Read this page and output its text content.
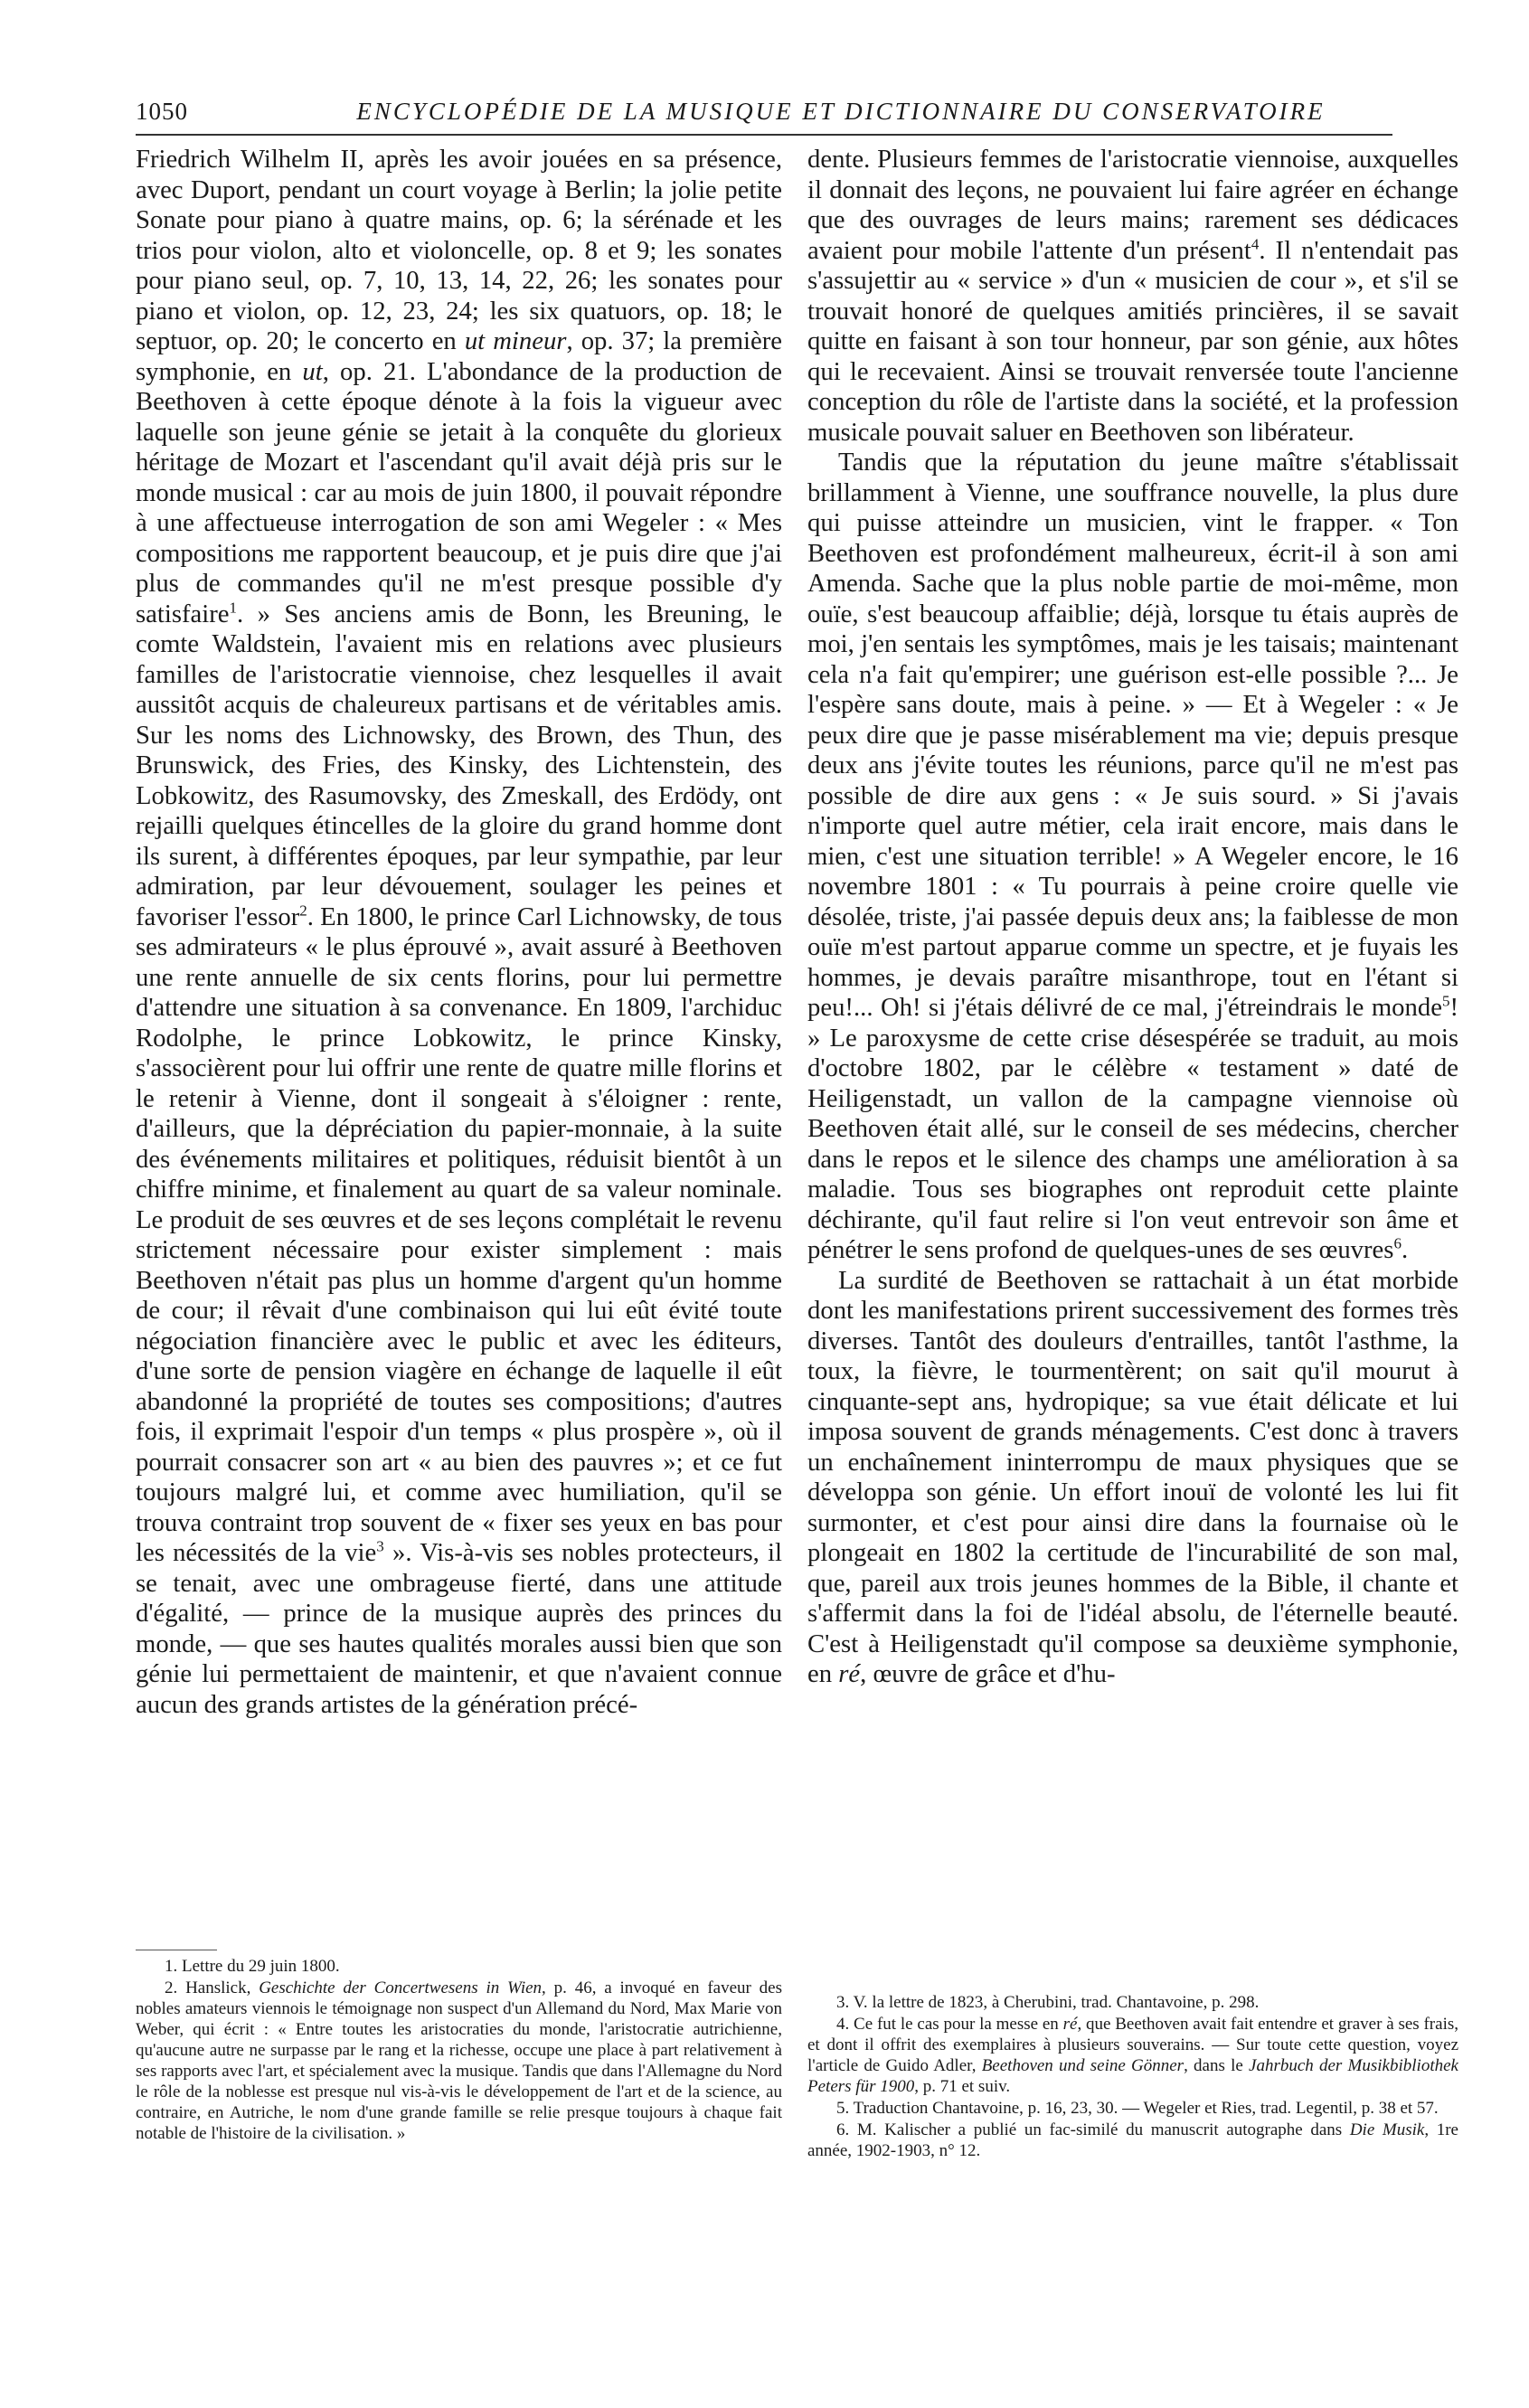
1050	ENCYCLOPÉDIE DE LA MUSIQUE ET DICTIONNAIRE DU CONSERVATOIRE

Friedrich Wilhelm II, après les avoir jouées en sa présence, avec Duport, pendant un court voyage à Berlin; la jolie petite Sonate pour piano à quatre mains, op. 6; la sérénade et les trios pour violon, alto et violoncelle, op. 8 et 9; les sonates pour piano seul, op. 7, 10, 13, 14, 22, 26; les sonates pour piano et violon, op. 12, 23, 24; les six quatuors, op. 18; le septuor, op. 20; le concerto en ut mineur, op. 37; la première symphonie, en ut, op. 21. L'abondance de la production de Beethoven à cette époque dénote à la fois la vigueur avec laquelle son jeune génie se jetait à la conquête du glorieux héritage de Mozart et l'ascendant qu'il avait déjà pris sur le monde musical : car au mois de juin 1800, il pouvait répondre à une affectueuse interrogation de son ami Wegeler : « Mes compositions me rapportent beaucoup, et je puis dire que j'ai plus de commandes qu'il ne m'est presque possible d'y satisfaire$^1$. » Ses anciens amis de Bonn, les Breuning, le comte Waldstein, l'avaient mis en relations avec plusieurs familles de l'aristocratie viennoise, chez lesquelles il avait aussitôt acquis de chaleureux partisans et de véritables amis. Sur les noms des Lichnowsky, des Brown, des Thun, des Brunswick, des Fries, des Kinsky, des Lichtenstein, des Lobkowitz, des Rasumovsky, des Zmeskall, des Erdödy, ont rejailli quelques étincelles de la gloire du grand homme dont ils surent, à différentes époques, par leur sympathie, par leur admiration, par leur dévouement, soulager les peines et favoriser l'essor$^2$. En 1800, le prince Carl Lichnowsky, de tous ses admirateurs « le plus éprouvé », avait assuré à Beethoven une rente annuelle de six cents florins, pour lui permettre d'attendre une situation à sa convenance. En 1809, l'archiduc Rodolphe, le prince Lobkowitz, le prince Kinsky, s'associèrent pour lui offrir une rente de quatre mille florins et le retenir à Vienne, dont il songeait à s'éloigner : rente, d'ailleurs, que la dépréciation du papier-monnaie, à la suite des événements militaires et politiques, réduisit bientôt à un chiffre minime, et finalement au quart de sa valeur nominale. Le produit de ses œuvres et de ses leçons complétait le revenu strictement nécessaire pour exister simplement : mais Beethoven n'était pas plus un homme d'argent qu'un homme de cour; il rêvait d'une combinaison qui lui eût évité toute négociation financière avec le public et avec les éditeurs, d'une sorte de pension viagère en échange de laquelle il eût abandonné la propriété de toutes ses compositions; d'autres fois, il exprimait l'espoir d'un temps « plus prospère », où il pourrait consacrer son art « au bien des pauvres »; et ce fut toujours malgré lui, et comme avec humiliation, qu'il se trouva contraint trop souvent de « fixer ses yeux en bas pour les nécessités de la vie$^3$ ». Vis-à-vis ses nobles protecteurs, il se tenait, avec une ombrageuse fierté, dans une attitude d'égalité, — prince de la musique auprès des princes du monde, — que ses hautes qualités morales aussi bien que son génie lui permettaient de maintenir, et que n'avaient connue aucun des grands artistes de la génération précé-

dente. Plusieurs femmes de l'aristocratie viennoise, auxquelles il donnait des leçons, ne pouvaient lui faire agréer en échange que des ouvrages de leurs mains; rarement ses dédicaces avaient pour mobile l'attente d'un présent$^4$. Il n'entendait pas s'assujettir au « service » d'un « musicien de cour », et s'il se trouvait honoré de quelques amitiés princières, il se savait quitte en faisant à son tour honneur, par son génie, aux hôtes qui le recevaient. Ainsi se trouvait renversée toute l'ancienne conception du rôle de l'artiste dans la société, et la profession musicale pouvait saluer en Beethoven son libérateur.

Tandis que la réputation du jeune maître s'établissait brillamment à Vienne, une souffrance nouvelle, la plus dure qui puisse atteindre un musicien, vint le frapper. « Ton Beethoven est profondément malheureux, écrit-il à son ami Amenda. Sache que la plus noble partie de moi-même, mon ouïe, s'est beaucoup affaiblie; déjà, lorsque tu étais auprès de moi, j'en sentais les symptômes, mais je les taisais; maintenant cela n'a fait qu'empirer; une guérison est-elle possible ?... Je l'espère sans doute, mais à peine. » — Et à Wegeler : « Je peux dire que je passe misérablement ma vie; depuis presque deux ans j'évite toutes les réunions, parce qu'il ne m'est pas possible de dire aux gens : « Je suis sourd. » Si j'avais n'importe quel autre métier, cela irait encore, mais dans le mien, c'est une situation terrible! » A Wegeler encore, le 16 novembre 1801 : « Tu pourrais à peine croire quelle vie désolée, triste, j'ai passée depuis deux ans; la faiblesse de mon ouïe m'est partout apparue comme un spectre, et je fuyais les hommes, je devais paraître misanthrope, tout en l'étant si peu!... Oh! si j'étais délivré de ce mal, j'étreindrais le monde$^5$! » Le paroxysme de cette crise désespérée se traduit, au mois d'octobre 1802, par le célèbre « testament » daté de Heiligenstadt, un vallon de la campagne viennoise où Beethoven était allé, sur le conseil de ses médecins, chercher dans le repos et le silence des champs une amélioration à sa maladie. Tous ses biographes ont reproduit cette plainte déchirante, qu'il faut relire si l'on veut entrevoir son âme et pénétrer le sens profond de quelques-unes de ses œuvres$^6$.

La surdité de Beethoven se rattachait à un état morbide dont les manifestations prirent successivement des formes très diverses. Tantôt des douleurs d'entrailles, tantôt l'asthme, la toux, la fièvre, le tourmentèrent; on sait qu'il mourut à cinquante-sept ans, hydropique; sa vue était délicate et lui imposa souvent de grands ménagements. C'est donc à travers un enchaînement ininterrompu de maux physiques que se développa son génie. Un effort inouï de volonté les lui fit surmonter, et c'est pour ainsi dire dans la fournaise où le plongeait en 1802 la certitude de l'incurabilité de son mal, que, pareil aux trois jeunes hommes de la Bible, il chante et s'affermit dans la foi de l'idéal absolu, de l'éternelle beauté. C'est à Heiligenstadt qu'il compose sa deuxième symphonie, en ré, œuvre de grâce et d'hu-

1. Lettre du 29 juin 1800.

2. Hanslick, Geschichte der Concertwesens in Wien, p. 46, a invoqué en faveur des nobles amateurs viennois le témoignage non suspect d'un Allemand du Nord, Max Marie von Weber, qui écrit : « Entre toutes les aristocraties du monde, l'aristocratie autrichienne, qu'aucune autre ne surpasse par le rang et la richesse, occupe une place à part relativement à ses rapports avec l'art, et spécialement avec la musique. Tandis que dans l'Allemagne du Nord le rôle de la noblesse est presque nul vis-à-vis le développement de l'art et de la science, au contraire, en Autriche, le nom d'une grande famille se relie presque toujours à chaque fait notable de l'histoire de la civilisation. »

3. V. la lettre de 1823, à Cherubini, trad. Chantavoine, p. 298.

4. Ce fut le cas pour la messe en ré, que Beethoven avait fait entendre et graver à ses frais, et dont il offrit des exemplaires à plusieurs souverains. — Sur toute cette question, voyez l'article de Guido Adler, Beethoven und seine Gönner, dans le Jahrbuch der Musikbibliothek Peters für 1900, p. 71 et suiv.

5. Traduction Chantavoine, p. 16, 23, 30. — Wegeler et Ries, trad. Legentil, p. 38 et 57.

6. M. Kalischer a publié un fac-similé du manuscrit autographe dans Die Musik, 1re année, 1902-1903, n° 12.
